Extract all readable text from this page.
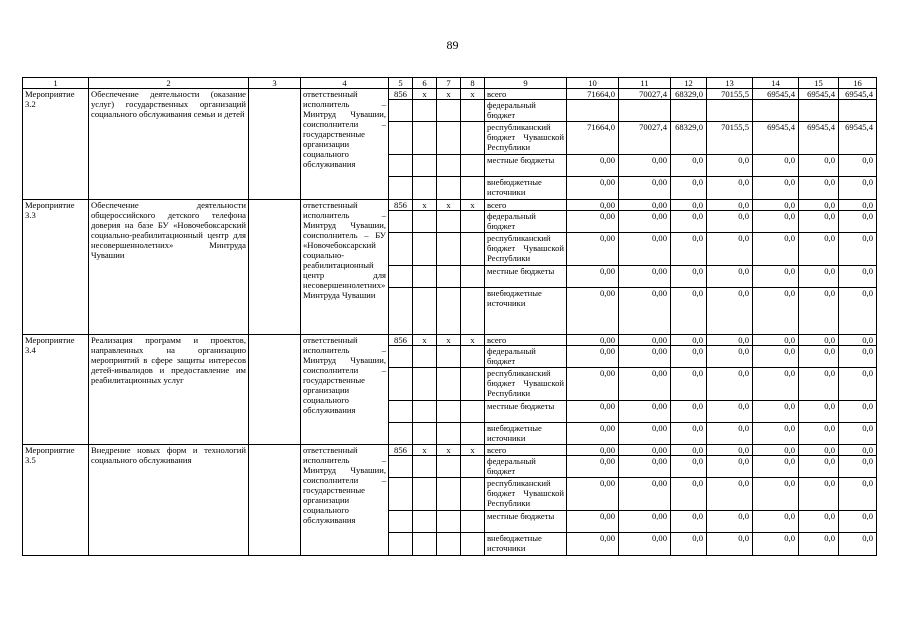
89
1	2	3	4	5	6	7	8	9	10	11	12	13	14	15	16
Мероприятие 3.2	Обеспечение деятельности (оказание услуг) государственных организаций социального обслуживания семьи и детей		ответственный исполнитель – Минтруд Чувашии, соисполнители – государственные организации социального обслуживания	856	х	х	х	всего	71664,0	70027,4	68329,0	70155,5	69545,4	69545,4	69545,4
								федеральный бюджет							
								республиканский бюджет Чувашской Республики	71664,0	70027,4	68329,0	70155,5	69545,4	69545,4	69545,4
								местные бюджеты	0,00	0,00	0,0	0,0	0,0	0,0	0,0
								внебюджетные источники	0,00	0,00	0,0	0,0	0,0	0,0	0,0
Мероприятие 3.3	Обеспечение деятельности общероссийского детского телефона доверия на базе БУ «Новочебоксарский социально-реабилитационный центр для несовершеннолетних» Минтруда Чувашии		ответственный исполнитель – Минтруд Чувашии, соисполнитель – БУ «Новочебоксарский социально-реабилитационный центр для несовершеннолетних» Минтруда Чувашии	856	х	х	х	всего	0,00	0,00	0,0	0,0	0,0	0,0	0,0
								федеральный бюджет	0,00	0,00	0,0	0,0	0,0	0,0	0,0
								республиканский бюджет Чувашской Республики	0,00	0,00	0,0	0,0	0,0	0,0	0,0
								местные бюджеты	0,00	0,00	0,0	0,0	0,0	0,0	0,0
								внебюджетные источники	0,00	0,00	0,0	0,0	0,0	0,0	0,0
Мероприятие 3.4	Реализация программ и проектов, направленных на организацию мероприятий в сфере защиты интересов детей-инвалидов и предоставление им реабилитационных услуг		ответственный исполнитель – Минтруд Чувашии, соисполнители – государственные организации социального обслуживания	856	х	х	х	всего	0,00	0,00	0,0	0,0	0,0	0,0	0,0
								федеральный бюджет	0,00	0,00	0,0	0,0	0,0	0,0	0,0
								республиканский бюджет Чувашской Республики	0,00	0,00	0,0	0,0	0,0	0,0	0,0
								местные бюджеты	0,00	0,00	0,0	0,0	0,0	0,0	0,0
								внебюджетные источники	0,00	0,00	0,0	0,0	0,0	0,0	0,0
Мероприятие 3.5	Внедрение новых форм и технологий социального обслуживания		ответственный исполнитель – Минтруд Чувашии, соисполнители – государственные организации социального обслуживания	856	х	х	х	всего	0,00	0,00	0,0	0,0	0,0	0,0	0,0
								федеральный бюджет	0,00	0,00	0,0	0,0	0,0	0,0	0,0
								республиканский бюджет Чувашской Республики	0,00	0,00	0,0	0,0	0,0	0,0	0,0
								местные бюджеты	0,00	0,00	0,0	0,0	0,0	0,0	0,0
								внебюджетные источники	0,00	0,00	0,0	0,0	0,0	0,0	0,0
